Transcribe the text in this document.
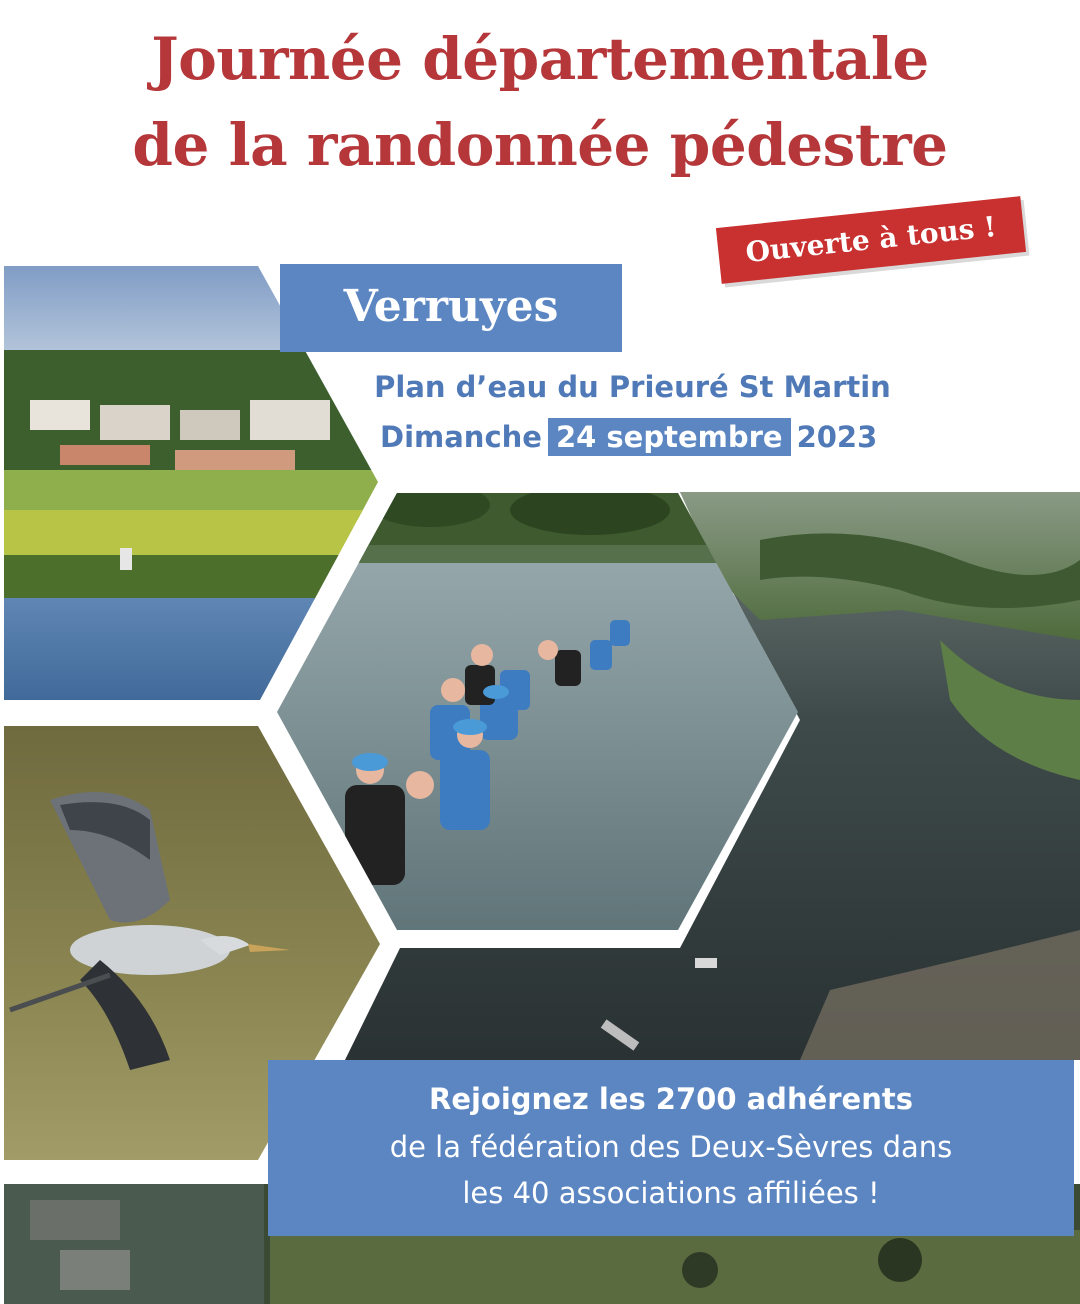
Journée départementale
de la randonnée pédestre
Ouverte à tous !
Verruyes
Plan d’eau du Prieuré St Martin
Dimanche 24 septembre 2023
Rejoignez les 2700 adhérents
de la fédération des Deux-Sèvres dans
les 40 associations affiliées !
